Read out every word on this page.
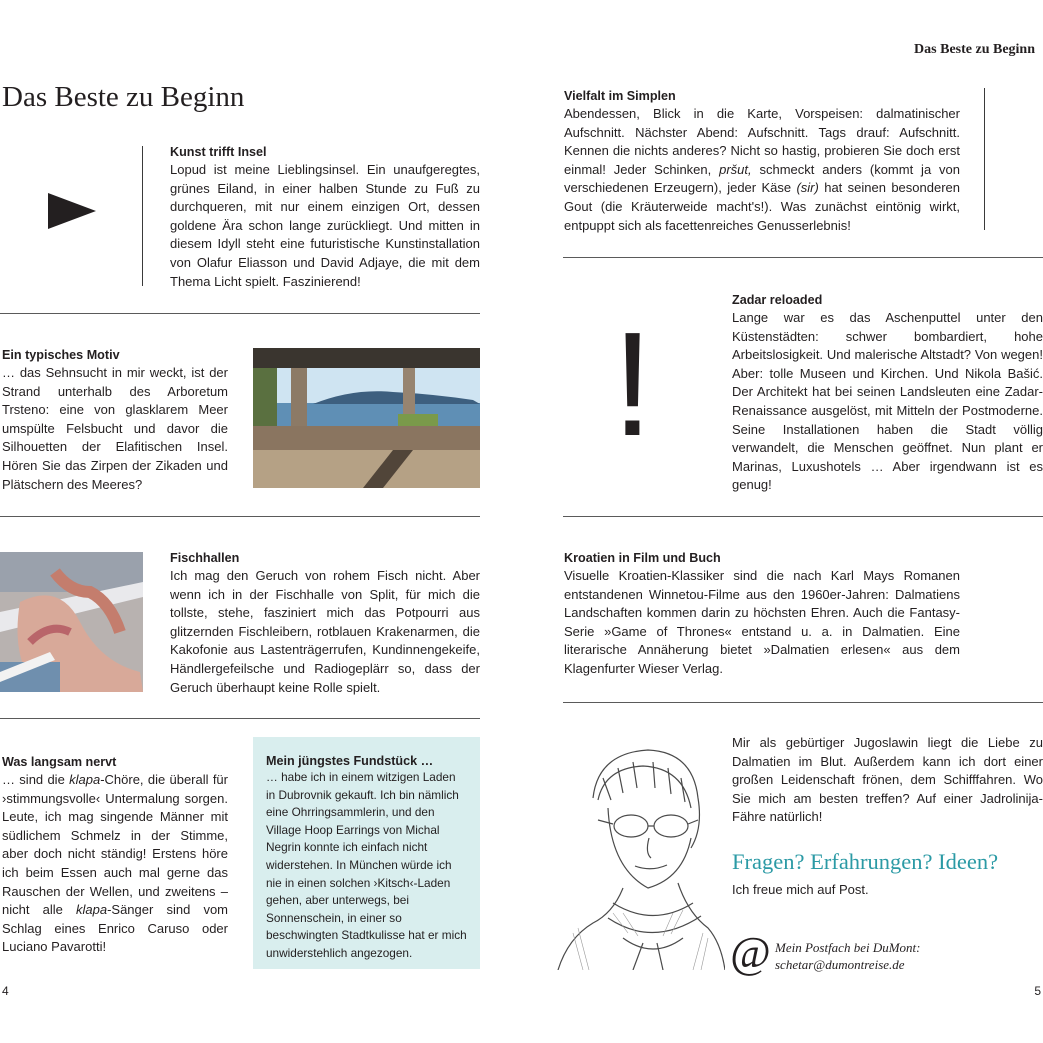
Das Beste zu Beginn
Das Beste zu Beginn
Kunst trifft Insel
Lopud ist meine Lieblingsinsel. Ein unaufgeregtes, grünes Eiland, in einer halben Stunde zu Fuß zu durchqueren, mit nur einem einzigen Ort, dessen goldene Ära schon lange zurückliegt. Und mitten in diesem Idyll steht eine futuristische Kunstinstallation von Olafur Eliasson und David Adjaye, die mit dem Thema Licht spielt. Faszinierend!
Ein typisches Motiv
… das Sehnsucht in mir weckt, ist der Strand unterhalb des Arboretum Trsteno: eine von glasklarem Meer umspülte Felsbucht und davor die Silhouetten der Elafitischen Insel. Hören Sie das Zirpen der Zikaden und Plätschern des Meeres?
Fischhallen
Ich mag den Geruch von rohem Fisch nicht. Aber wenn ich in der Fischhalle von Split, für mich die tollste, stehe, fasziniert mich das Potpourri aus glitzernden Fischleibern, rotblauen Krakenarmen, die Kakofonie aus Lastenträgerrufen, Kundinnengekeife, Händlergefeilsche und Radiogeplärr so, dass der Geruch überhaupt keine Rolle spielt.
Was langsam nervt
… sind die klapa-Chöre, die überall für ›stimmungsvolle‹ Untermalung sorgen. Leute, ich mag singende Männer mit südlichem Schmelz in der Stimme, aber doch nicht ständig! Erstens höre ich beim Essen auch mal gerne das Rauschen der Wellen, und zweitens – nicht alle klapa-Sänger sind vom Schlag eines Enrico Caruso oder Luciano Pavarotti!
Mein jüngstes Fundstück …
… habe ich in einem witzigen Laden in Dubrovnik gekauft. Ich bin nämlich eine Ohrringsammlerin, und den Village Hoop Earrings von Michal Negrin konnte ich einfach nicht widerstehen. In München würde ich nie in einen solchen ›Kitsch‹-Laden gehen, aber unterwegs, bei Sonnenschein, in einer so beschwingten Stadtkulisse hat er mich unwiderstehlich angezogen.
4
Vielfalt im Simplen
Abendessen, Blick in die Karte, Vorspeisen: dalmatinischer Aufschnitt. Nächster Abend: Aufschnitt. Tags drauf: Aufschnitt. Kennen die nichts anderes? Nicht so hastig, probieren Sie doch erst einmal! Jeder Schinken, pršut, schmeckt anders (kommt ja von verschiedenen Erzeugern), jeder Käse (sir) hat seinen besonderen Gout (die Kräuterweide macht's!). Was zunächst eintönig wirkt, entpuppt sich als facettenreiches Genusserlebnis!
!
Zadar reloaded
Lange war es das Aschenputtel unter den Küstenstädten: schwer bombardiert, hohe Arbeitslosigkeit. Und malerische Altstadt? Von wegen! Aber: tolle Museen und Kirchen. Und Nikola Bašić. Der Architekt hat bei seinen Landsleuten eine Zadar-Renaissance ausgelöst, mit Mitteln der Postmoderne. Seine Installationen haben die Stadt völlig verwandelt, die Menschen geöffnet. Nun plant er Marinas, Luxushotels … Aber irgendwann ist es genug!
Kroatien in Film und Buch
Visuelle Kroatien-Klassiker sind die nach Karl Mays Romanen entstandenen Winnetou-Filme aus den 1960er-Jahren: Dalmatiens Landschaften kommen darin zu höchsten Ehren. Auch die Fantasy-Serie »Game of Thrones« entstand u. a. in Dalmatien. Eine literarische Annäherung bietet »Dalmatien erlesen« aus dem Klagenfurter Wieser Verlag.
Mir als gebürtiger Jugoslawin liegt die Liebe zu Dalmatien im Blut. Außerdem kann ich dort einer großen Leidenschaft frönen, dem Schifffahren. Wo Sie mich am besten treffen? Auf einer Jadrolinija-Fähre natürlich!
Fragen? Erfahrungen? Ideen?
Ich freue mich auf Post.
@ Mein Postfach bei DuMont:
schetar@dumontreise.de
5
